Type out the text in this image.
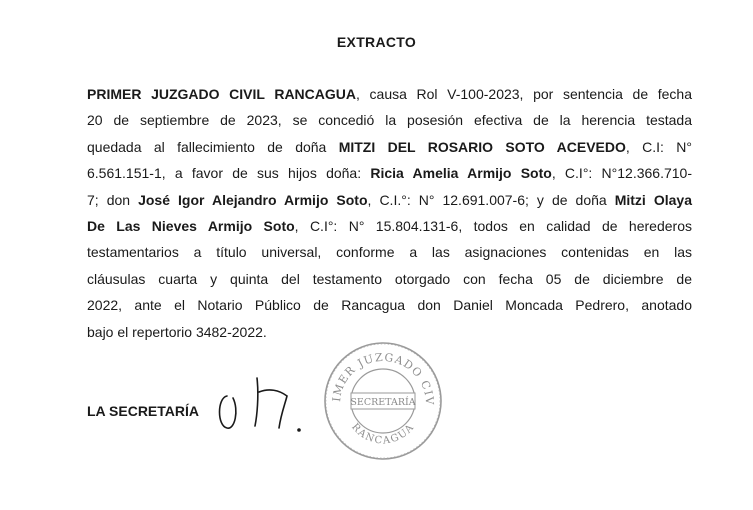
EXTRACTO
PRIMER JUZGADO CIVIL RANCAGUA, causa Rol V-100-2023, por sentencia de fecha
20 de septiembre de 2023, se concedió la posesión efectiva de la herencia testada
quedada al fallecimiento de doña MITZI DEL ROSARIO SOTO ACEVEDO, C.I: N°
6.561.151-1, a favor de sus hijos doña: Ricia Amelia Armijo Soto, C.I°: N°12.366.710-
7; don José Igor Alejandro Armijo Soto, C.I.°: N° 12.691.007-6; y de doña Mitzi Olaya
De Las Nieves Armijo Soto, C.I°: N° 15.804.131-6, todos en calidad de herederos
testamentarios a título universal, conforme a las asignaciones contenidas en las
cláusulas cuarta y quinta del testamento otorgado con fecha 05 de diciembre de
2022, ante el Notario Público de Rancagua don Daniel Moncada Pedrero, anotado
bajo el repertorio 3482-2022.
LA SECRETARÍA
IMER JUZGADO CIV
RANCAGUA
SECRETARÍA
